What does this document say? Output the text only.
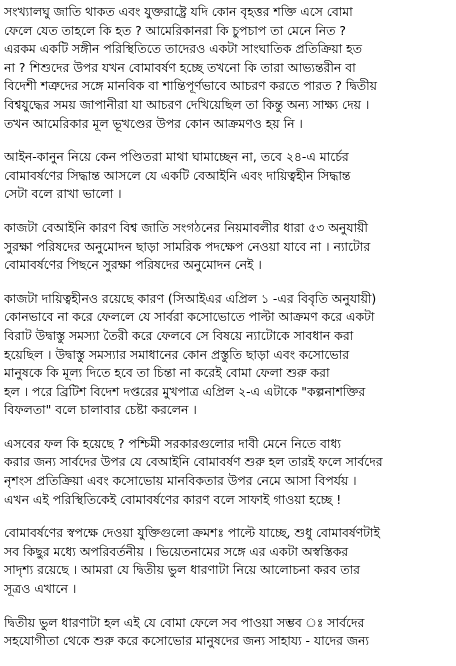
সংখ্যালঘু জাতি থাকত এবং যুক্তরাষ্ট্রে যদি কোন বৃহত্তর শক্তি এসে বোমা
ফেলে যেত তাহলে কি হত ? আমেরিকানরা কি চুপচাপ তা মেনে নিত ?
এরকম একটি সঙ্গীন পরিস্থিতিতে তাদেরও একটা সাংঘাতিক প্রতিক্রিয়া হত
না ? শিশুদের উপর যখন বোমাবর্ষণ হচ্ছে তখনো কি তারা আভ্যন্তরীন বা
বিদেশী শত্রুদের সঙ্গে মানবিক বা শান্তিপূর্ণভাবে আচরণ করতে পারত ? দ্বিতীয়
বিশ্বযুদ্ধের সময় জাপানীরা যা আচরণ দেখিয়েছিল তা কিন্তু অন্য সাক্ষ্য দেয় ।
তখন আমেরিকার মূল ভূখণ্ডের উপর কোন আক্রমণও হয় নি ।
আইন-কানুন নিয়ে কেন পণ্ডিতরা মাথা ঘামাচ্ছেন না, তবে ২৪-এ মার্চের
বোমাবর্ষণের সিদ্ধান্ত আসলে যে একটি বেআইনি এবং দায়িত্বহীন সিদ্ধান্ত
সেটা বলে রাখা ভালো ।
কাজটা বেআইনি কারণ বিশ্ব জাতি সংগঠনের নিয়মাবলীর ধারা ৫৩ অনুযায়ী
সুরক্ষা পরিষদের অনুমোদন ছাড়া সামরিক পদক্ষেপ নেওয়া যাবে না । ন্যাটোর
বোমাবর্ষণের পিছনে সুরক্ষা পরিষদের অনুমোদন নেই ।
কাজটা দায়িত্বহীনও রয়েছে কারণ (সিআইএর এপ্রিল ১ -এর বিবৃতি অনুযায়ী)
কোনভাবে না করে ফেললে যে সার্বরা কসোভোতে পাল্টা আক্রমণ করে একটা
বিরাট উদ্বাস্তু সমস্যা তৈরী করে ফেলবে সে বিষয়ে ন্যাটোকে সাবধান করা
হয়েছিল । উদ্বাস্তু সমস্যার সমাধানের কোন প্রস্তুতি ছাড়া এবং কসোভোর
মানুষকে কি মূল্য দিতে হবে তা চিন্তা না করেই বোমা ফেলা শুরু করা
হল । পরে ব্রিটিশ বিদেশ দপ্তরের মুখপাত্র এপ্রিল ২-এ এটাকে "কল্পনাশক্তির
বিফলতা" বলে চালাবার চেষ্টা করলেন ।
এসবের ফল কি হয়েছে ? পশ্চিমী সরকারগুলোর দাবী মেনে নিতে বাধ্য
করার জন্য সার্বদের উপর যে বেআইনি বোমাবর্ষণ শুরু হল তারই ফলে সার্বদের
নৃশংস প্রতিক্রিয়া এবং কসোভোয় মানবিকতার উপর নেমে আসা বিপর্যয় ।
এখন এই পরিস্থিতিকেই বোমাবর্ষণের কারণ বলে সাফাই গাওয়া হচ্ছে !
বোমাবর্ষণের স্বপক্ষে দেওয়া যুক্তিগুলো ক্রমশঃ পাল্টে যাচ্ছে, শুধু বোমাবর্ষণটাই
সব কিছুর মধ্যে অপরিবর্তনীয় । ভিয়েতনামের সঙ্গে এর একটা অস্বস্তিকর
সাদৃশ্য রয়েছে । আমরা যে দ্বিতীয় ভুল ধারণাটা নিয়ে আলোচনা করব তার
সূত্রও এখানে ।
দ্বিতীয় ভুল ধারণাটা হল এই যে বোমা ফেলে সব পাওয়া সম্ভব ঃ সার্বদের
সহযোগীতা থেকে শুরু করে কসোভোর মানুষদের জন্য সাহায্য - যাদের জন্য
